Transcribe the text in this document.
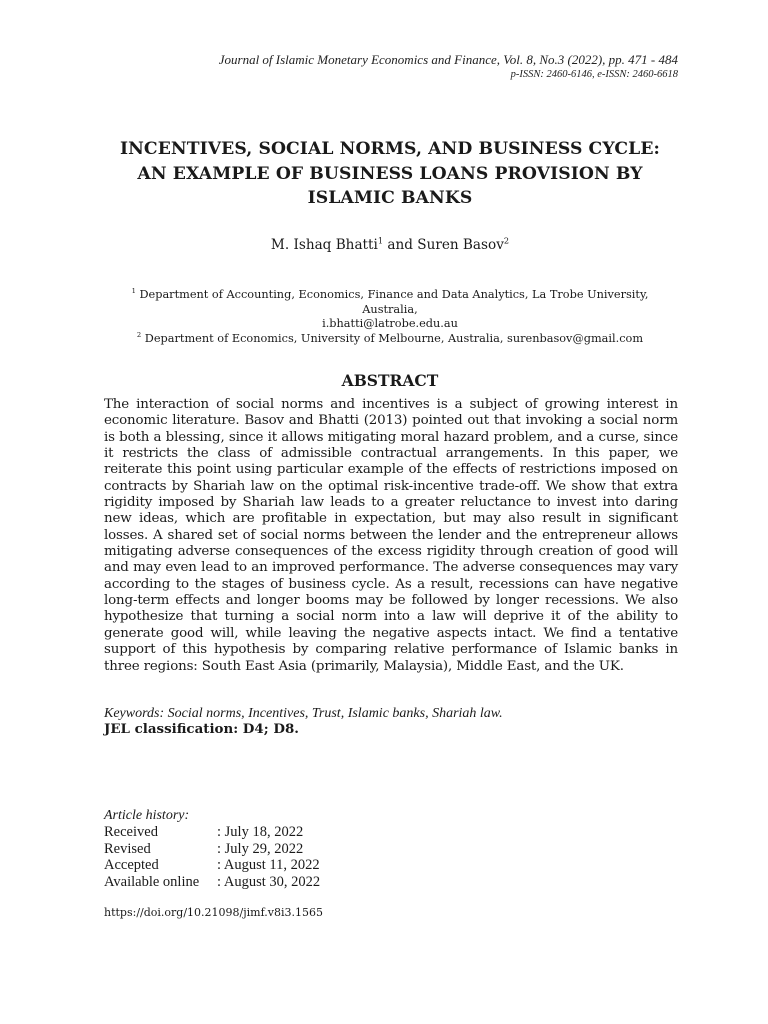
Journal of Islamic Monetary Economics and Finance, Vol. 8, No.3 (2022), pp. 471 - 484
p-ISSN: 2460-6146, e-ISSN: 2460-6618
INCENTIVES, SOCIAL NORMS, AND BUSINESS CYCLE:
AN EXAMPLE OF BUSINESS LOANS PROVISION BY
ISLAMIC BANKS
M. Ishaq Bhatti$^1$ and Suren Basov$^2$
$^1$ Department of Accounting, Economics, Finance and Data Analytics, La Trobe University, Australia,
i.bhatti@latrobe.edu.au
$^2$ Department of Economics, University of Melbourne, Australia, surenbasov@gmail.com
ABSTRACT
The interaction of social norms and incentives is a subject of growing interest in economic literature. Basov and Bhatti (2013) pointed out that invoking a social norm is both a blessing, since it allows mitigating moral hazard problem, and a curse, since it restricts the class of admissible contractual arrangements. In this paper, we reiterate this point using particular example of the effects of restrictions imposed on contracts by Shariah law on the optimal risk-incentive trade-off. We show that extra rigidity imposed by Shariah law leads to a greater reluctance to invest into daring new ideas, which are profitable in expectation, but may also result in significant losses. A shared set of social norms between the lender and the entrepreneur allows mitigating adverse consequences of the excess rigidity through creation of good will and may even lead to an improved performance. The adverse consequences may vary according to the stages of business cycle. As a result, recessions can have negative long-term effects and longer booms may be followed by longer recessions. We also hypothesize that turning a social norm into a law will deprive it of the ability to generate good will, while leaving the negative aspects intact. We find a tentative support of this hypothesis by comparing relative performance of Islamic banks in three regions: South East Asia (primarily, Malaysia), Middle East, and the UK.
Keywords: Social norms, Incentives, Trust, Islamic banks, Shariah law.
JEL classification: D4; D8.
Article history:
Received	: July 18, 2022
Revised	: July 29, 2022
Accepted	: August 11, 2022
Available online	: August 30, 2022
https://doi.org/10.21098/jimf.v8i3.1565
